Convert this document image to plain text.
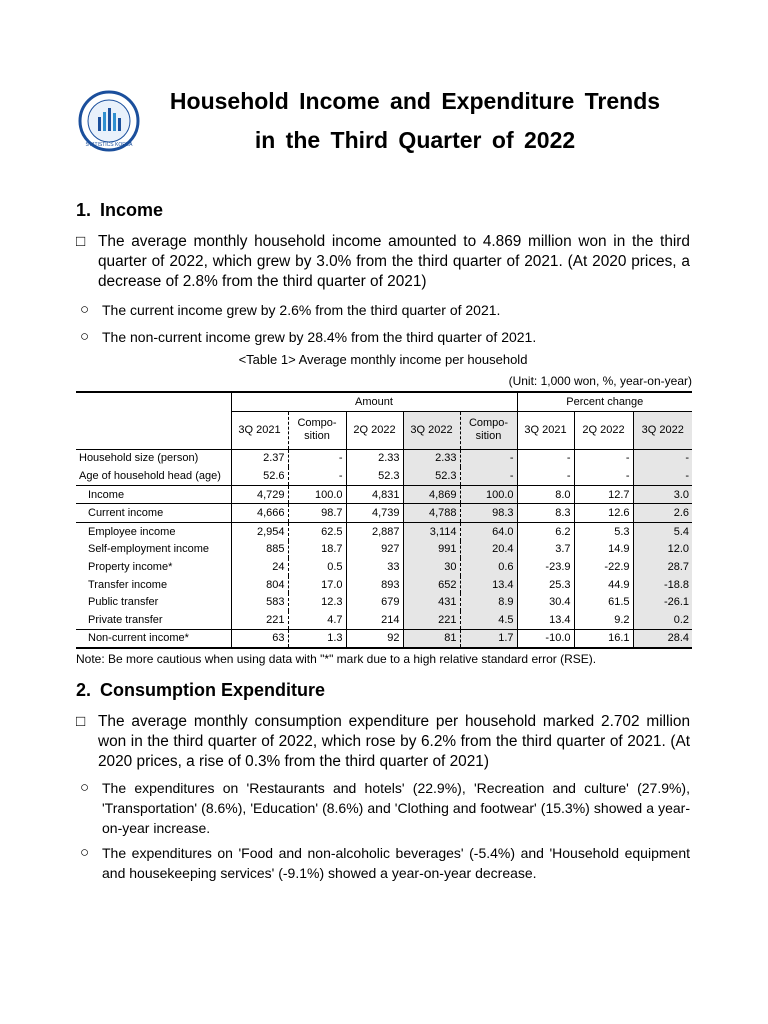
STATISTICS KOREA
Household Income and Expenditure Trends
in the Third Quarter of 2022
1. Income
□ The average monthly household income amounted to 4.869 million won in the third quarter of 2022, which grew by 3.0% from the third quarter of 2021. (At 2020 prices, a decrease of 2.8% from the third quarter of 2021)
○ The current income grew by 2.6% from the third quarter of 2021.
○ The non-current income grew by 28.4% from the third quarter of 2021.
<Table 1> Average monthly income per household
(Unit: 1,000 won, %, year-on-year)
	Amount					Percent change		
	3Q 2021	Compo-sition	2Q 2022	3Q 2022	Compo-sition	3Q 2021	2Q 2022	3Q 2022
Household size (person)	2.37	-	2.33	2.33	-	-	-	-
Age of household head (age)	52.6	-	52.3	52.3	-	-	-	-
Income	4,729	100.0	4,831	4,869	100.0	8.0	12.7	3.0
Current income	4,666	98.7	4,739	4,788	98.3	8.3	12.6	2.6
Employee income	2,954	62.5	2,887	3,114	64.0	6.2	5.3	5.4
Self-employment income	885	18.7	927	991	20.4	3.7	14.9	12.0
Property income*	24	0.5	33	30	0.6	-23.9	-22.9	28.7
Transfer income	804	17.0	893	652	13.4	25.3	44.9	-18.8
Public transfer	583	12.3	679	431	8.9	30.4	61.5	-26.1
Private transfer	221	4.7	214	221	4.5	13.4	9.2	0.2
Non-current income*	63	1.3	92	81	1.7	-10.0	16.1	28.4
Note: Be more cautious when using data with "*" mark due to a high relative standard error (RSE).
2. Consumption Expenditure
□ The average monthly consumption expenditure per household marked 2.702 million won in the third quarter of 2022, which rose by 6.2% from the third quarter of 2021. (At 2020 prices, a rise of 0.3% from the third quarter of 2021)
○ The expenditures on 'Restaurants and hotels' (22.9%), 'Recreation and culture' (27.9%), 'Transportation' (8.6%), 'Education' (8.6%) and 'Clothing and footwear' (15.3%) showed a year-on-year increase.
○ The expenditures on 'Food and non-alcoholic beverages' (-5.4%) and 'Household equipment and housekeeping services' (-9.1%) showed a year-on-year decrease.
